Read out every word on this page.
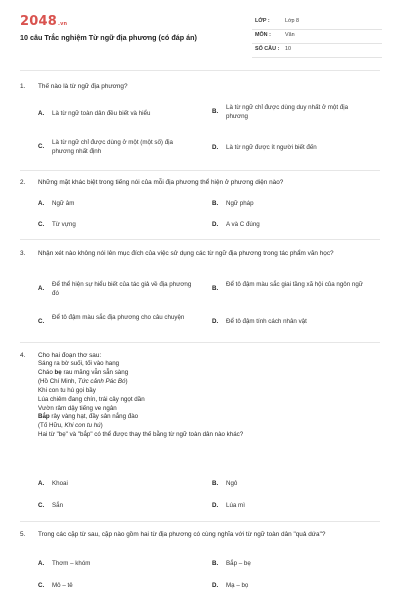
2048.vn
10 câu Trắc nghiệm Từ ngữ địa phương (có đáp án)
LỚP :	Lớp 8
MÔN :	Văn
SỐ CÂU : 10
1. Thế nào là từ ngữ địa phương?
A. Là từ ngữ toàn dân đều biết và hiểu	B.
Là từ ngữ chỉ được dùng duy nhất ở một địa phương
C.
Là từ ngữ chỉ được dùng ở một (một số) địa phương nhất định	D. Là từ ngữ được ít người biết đến
2. Những mặt khác biệt trong tiếng nói của mỗi địa phương thể hiện ở phương diện nào?
A. Ngữ âm	B. Ngữ pháp
C. Từ vựng	D. A và C đúng
3. Nhận xét nào không nói lên mục đích của việc sử dụng các từ ngữ địa phương trong tác phẩm văn học?
A.
Để thể hiện sự hiểu biết của tác giả về địa phương đó
B.
Để tô đậm màu sắc giai tầng xã hội của ngôn ngữ
C.
Để tô đậm màu sắc địa phương cho câu chuyện
D. Để tô đậm tính cách nhân vật
4. Cho hai đoạn thơ sau:
Sáng ra bờ suối, tối vào hang
Cháo bẹ rau măng vẫn sẵn sàng
(Hồ Chí Minh, Tức cảnh Pác Bó)
Khi con tu hú gọi bầy
Lúa chiêm đang chín, trái cây ngọt dần
Vườn râm dậy tiếng ve ngân
Bắp rây vàng hạt, đầy sân nắng đào
(Tố Hữu, Khi con tu hú)
Hai từ "bẹ" và "bắp" có thể được thay thế bằng từ ngữ toàn dân nào khác?
A. Khoai	B. Ngô
C. Sắn	D. Lúa mì
5. Trong các cặp từ sau, cặp nào gồm hai từ địa phương có cùng nghĩa với từ ngữ toàn dân "quả dứa"?
A. Thơm – khóm	B. Bắp – bẹ
C. Mô – tê	D. Mạ – bọ
